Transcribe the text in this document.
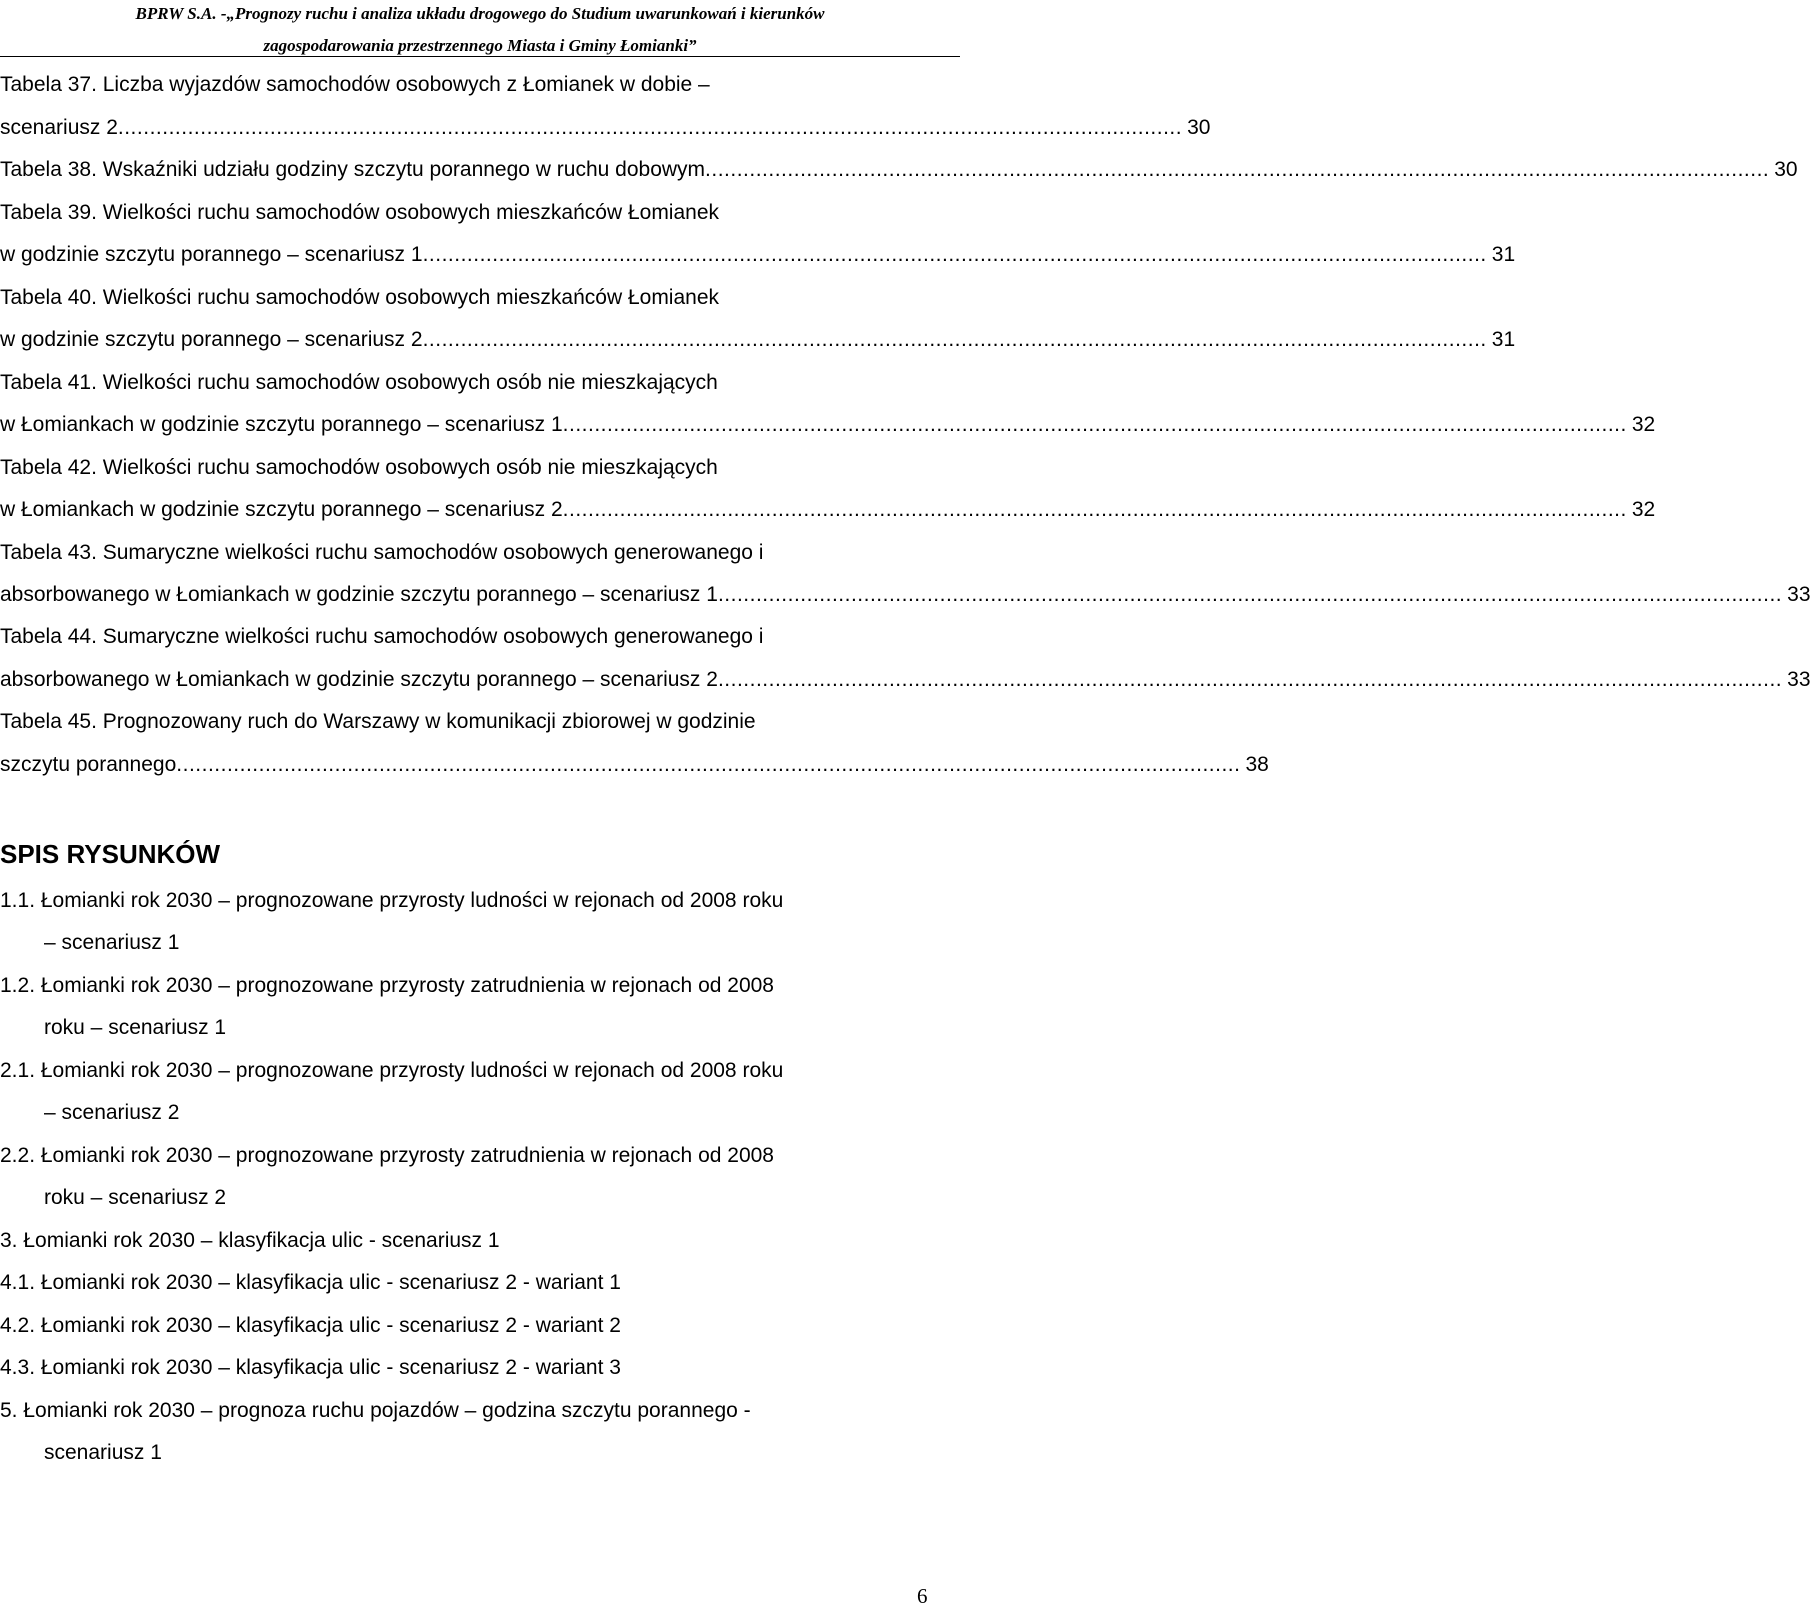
BPRW S.A. -„Prognozy ruchu i analiza układu drogowego do Studium uwarunkowań i kierunków
zagospodarowania przestrzennego Miasta i Gminy Łomianki”
Tabela 37. Liczba wyjazdów samochodów osobowych z Łomianek w dobie –
scenariusz 2 ........................................................................................................................................................................ 30
Tabela 38. Wskaźniki udziału godziny szczytu porannego w ruchu dobowym ........................................................................................................................................................................ 30
Tabela 39. Wielkości ruchu samochodów osobowych mieszkańców Łomianek
w godzinie szczytu porannego – scenariusz 1 ........................................................................................................................................................................ 31
Tabela 40. Wielkości ruchu samochodów osobowych mieszkańców Łomianek
w godzinie szczytu porannego – scenariusz 2 ........................................................................................................................................................................ 31
Tabela 41. Wielkości ruchu samochodów osobowych osób nie mieszkających
w Łomiankach w godzinie szczytu porannego – scenariusz 1 ........................................................................................................................................................................ 32
Tabela 42. Wielkości ruchu samochodów osobowych osób nie mieszkających
w Łomiankach w godzinie szczytu porannego – scenariusz 2 ........................................................................................................................................................................ 32
Tabela 43. Sumaryczne wielkości ruchu samochodów osobowych generowanego i
absorbowanego w Łomiankach w godzinie szczytu porannego – scenariusz 1 ........................................................................................................................................................................ 33
Tabela 44. Sumaryczne wielkości ruchu samochodów osobowych generowanego i
absorbowanego w Łomiankach w godzinie szczytu porannego – scenariusz 2 ........................................................................................................................................................................ 33
Tabela 45. Prognozowany ruch do Warszawy w komunikacji zbiorowej w godzinie
szczytu porannego ........................................................................................................................................................................ 38
SPIS RYSUNKÓW
1.1. Łomianki rok 2030 – prognozowane przyrosty ludności w rejonach od 2008 roku
– scenariusz 1
1.2. Łomianki rok 2030 – prognozowane przyrosty zatrudnienia w rejonach od 2008
roku – scenariusz 1
2.1. Łomianki rok 2030 – prognozowane przyrosty ludności w rejonach od 2008 roku
– scenariusz 2
2.2. Łomianki rok 2030 – prognozowane przyrosty zatrudnienia w rejonach od 2008
roku – scenariusz 2
3. Łomianki rok 2030 – klasyfikacja ulic - scenariusz 1
4.1. Łomianki rok 2030 – klasyfikacja ulic - scenariusz 2 - wariant 1
4.2. Łomianki rok 2030 – klasyfikacja ulic - scenariusz 2 - wariant 2
4.3. Łomianki rok 2030 – klasyfikacja ulic - scenariusz 2 - wariant 3
5. Łomianki rok 2030 – prognoza ruchu pojazdów – godzina szczytu porannego -
scenariusz 1
6
